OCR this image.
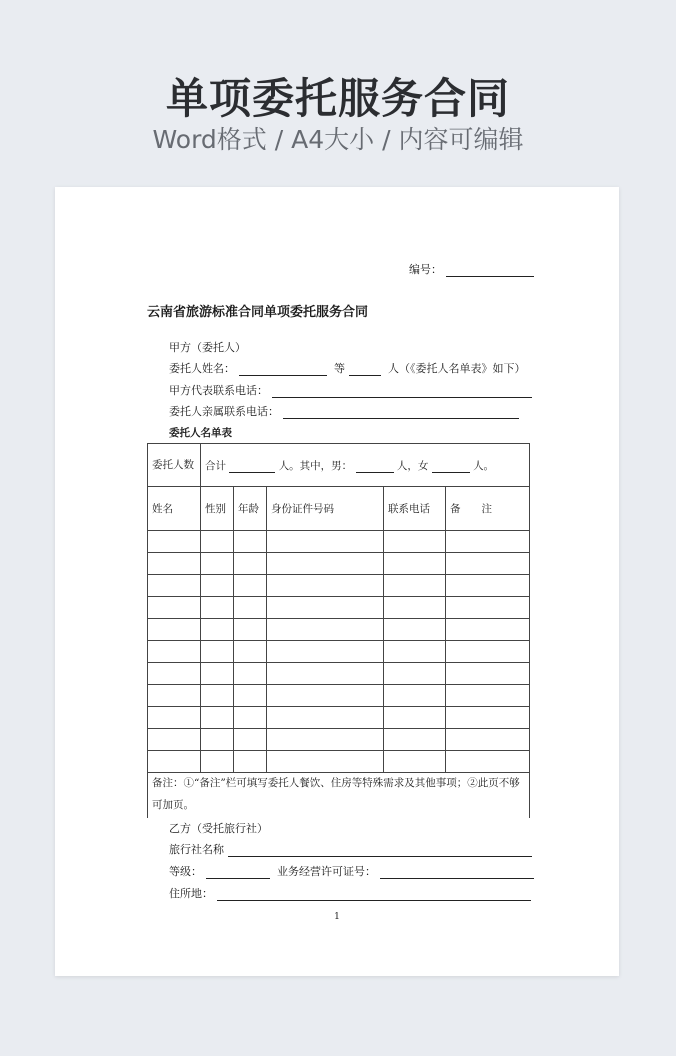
单项委托服务合同
Word格式 / A4大小 / 内容可编辑
编号：
云南省旅游标准合同单项委托服务合同
甲方（委托人）
委托人姓名：	等	人（《委托人名单表》如下）
甲方代表联系电话：
委托人亲属联系电话：
委托人名单表
委托人数	合计 人。其中，男： 人，女 人。				
姓名	性别	年龄	身份证件号码	联系电话	备　　注

备注：①“备注”栏可填写委托人餐饮、住房等特殊需求及其他事项；②此页不够可加页。
乙方（受托旅行社）
旅行社名称
等级：	业务经营许可证号：
住所地：
1
